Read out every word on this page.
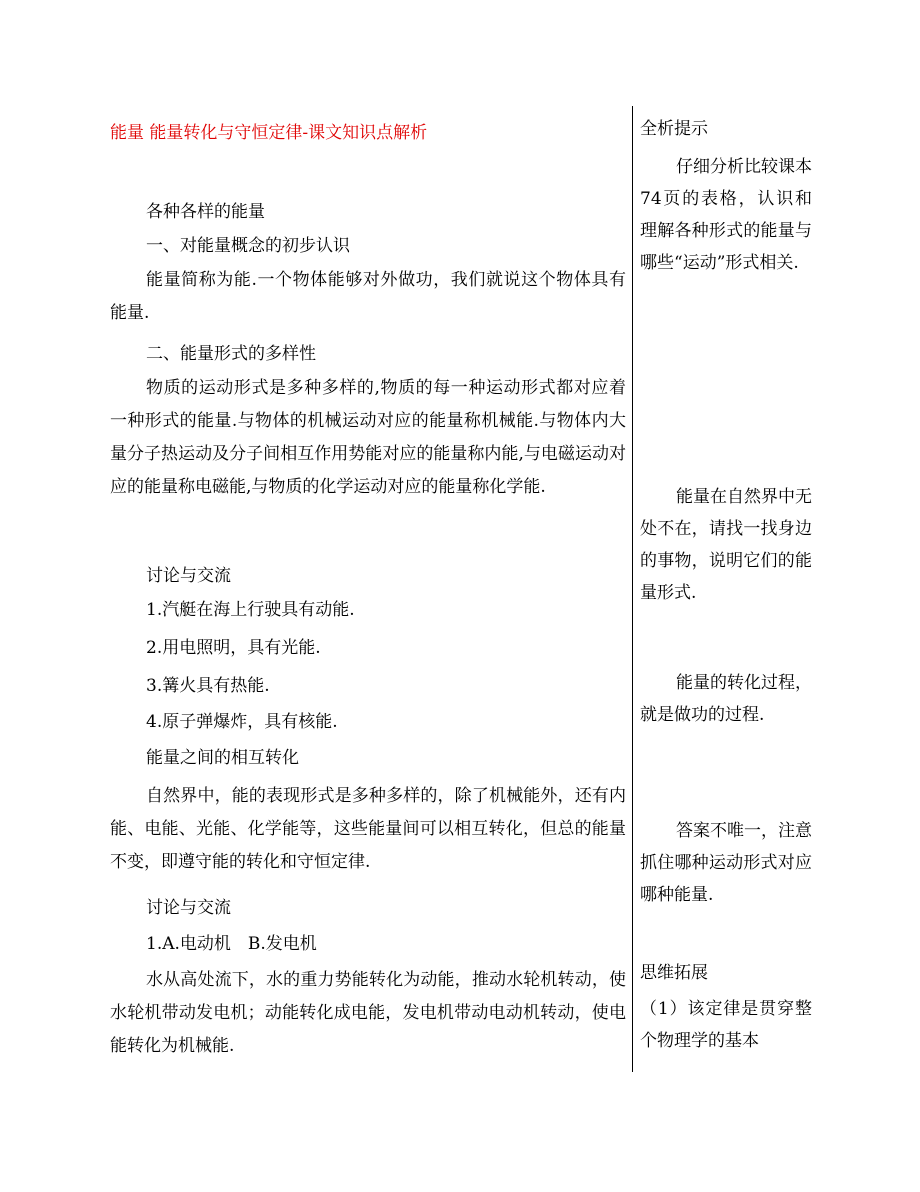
能量 能量转化与守恒定律-课文知识点解析
各种各样的能量
一、对能量概念的初步认识
能量简称为能.一个物体能够对外做功，我们就说这个物体具有能量.
二、能量形式的多样性
物质的运动形式是多种多样的,物质的每一种运动形式都对应着一种形式的能量.与物体的机械运动对应的能量称机械能.与物体内大量分子热运动及分子间相互作用势能对应的能量称内能,与电磁运动对应的能量称电磁能,与物质的化学运动对应的能量称化学能.
讨论与交流
1.汽艇在海上行驶具有动能.
2.用电照明，具有光能.
3.篝火具有热能.
4.原子弹爆炸，具有核能.
能量之间的相互转化
自然界中，能的表现形式是多种多样的，除了机械能外，还有内能、电能、光能、化学能等，这些能量间可以相互转化，但总的能量不变，即遵守能的转化和守恒定律.
讨论与交流
1.A.电动机　B.发电机
水从高处流下，水的重力势能转化为动能，推动水轮机转动，使水轮机带动发电机；动能转化成电能，发电机带动电动机转动，使电能转化为机械能.
全析提示
仔细分析比较课本74页的表格，认识和理解各种形式的能量与哪些“运动”形式相关.
能量在自然界中无处不在，请找一找身边的事物，说明它们的能量形式.
能量的转化过程，就是做功的过程.
答案不唯一，注意抓住哪种运动形式对应哪种能量.
思维拓展
（1）该定律是贯穿整个物理学的基本
